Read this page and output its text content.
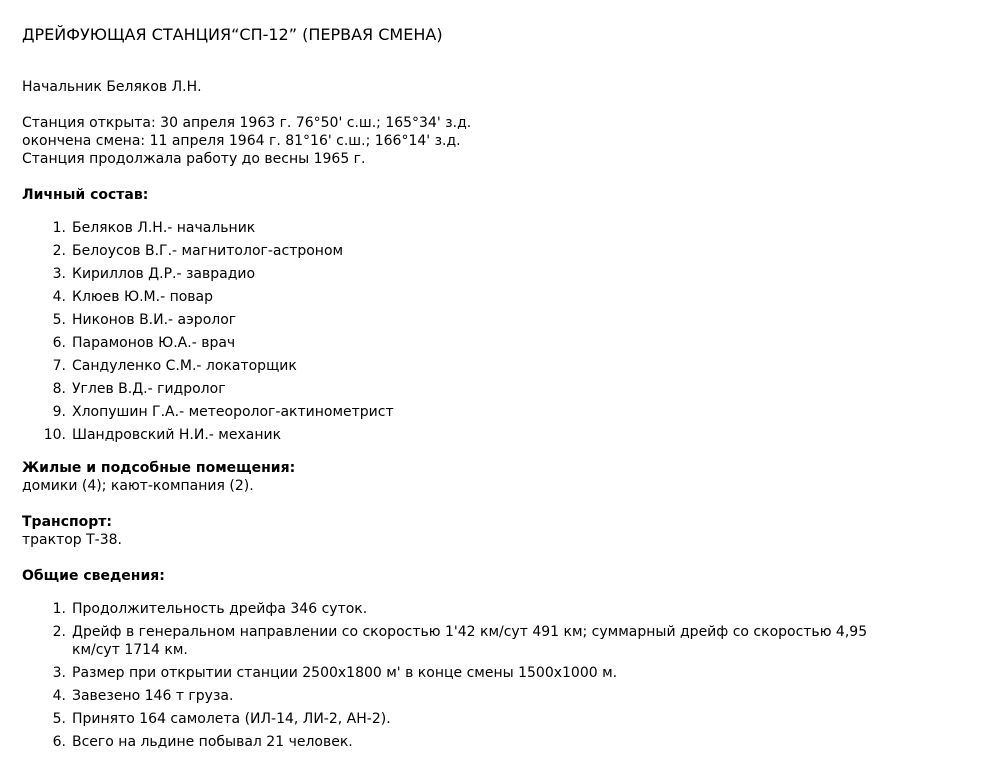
ДРЕЙФУЮЩАЯ СТАНЦИЯ“СП-12” (ПЕРВАЯ СМЕНА)
Начальник Беляков Л.Н.
Станция открыта: 30 апреля 1963 г. 76°50' с.ш.; 165°34' з.д.
окончена смена: 11 апреля 1964 г. 81°16' с.ш.; 166°14' з.д.
Станция продолжала работу до весны 1965 г.
Личный состав:
1. Беляков Л.Н.- начальник
2. Белоусов В.Г.- магнитолог-астроном
3. Кириллов Д.Р.- завpадио
4. Клюев Ю.М.- повар
5. Никонов В.И.- аэролог
6. Парамонов Ю.А.- врач
7. Сандуленко С.М.- локаторщик
8. Углев В.Д.- гидролог
9. Хлопушин Г.А.- метеоролог-актинометрист
10. Шандровский Н.И.- механик
Жилые и подсобные помещения:
домики (4); кают-компания (2).
Транспорт:
трактор Т-38.
Общие сведения:
1. Продолжительность дрейфа 346 суток.
2. Дрейф в генеральном направлении со скоростью 1'42 км/сут 491 км; суммарный дрейф со скоростью 4,95 км/сут 1714 км.
3. Размер при открытии станции 2500х1800 м' в конце смены 1500х1000 м.
4. Завезено 146 т груза.
5. Принято 164 самолета (ИЛ-14, ЛИ-2, АН-2).
6. Всего на льдине побывал 21 человек.
